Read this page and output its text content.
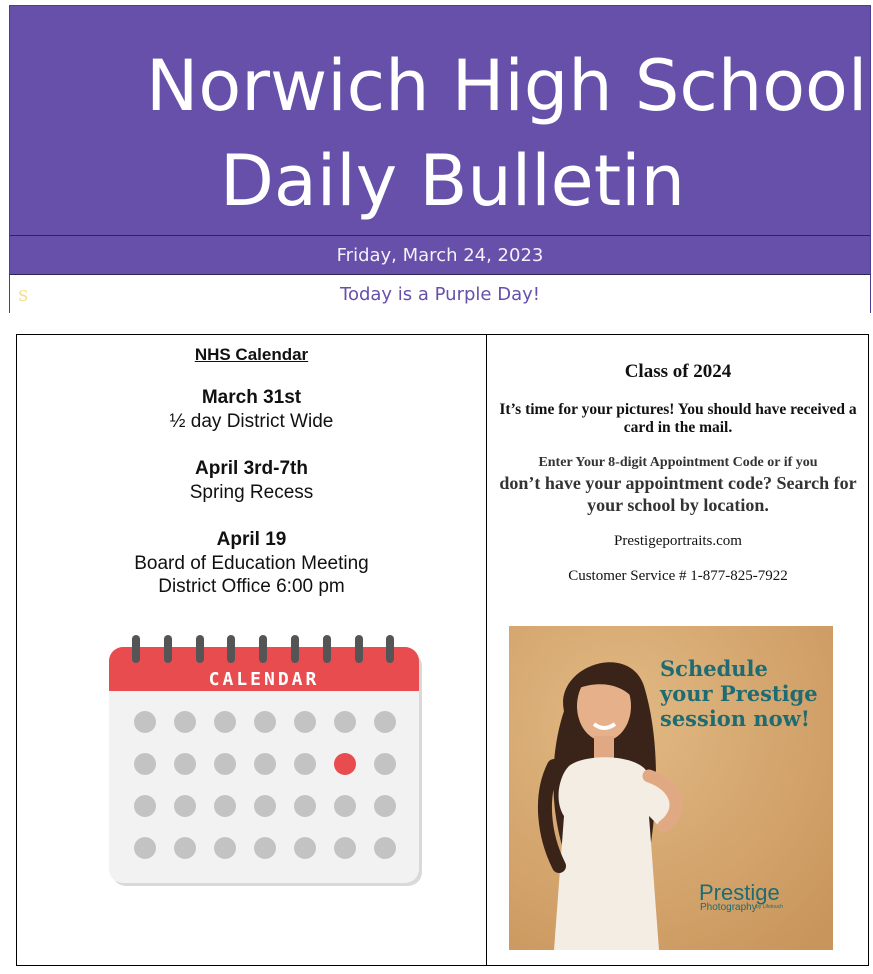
Norwich High School
Daily Bulletin
Friday, March 24, 2023
S	Today is a Purple Day!
NHS Calendar
March 31st
½ day District Wide
April 3rd-7th
Spring Recess
April 19
Board of Education Meeting
District Office 6:00 pm
CALENDAR
Class of 2024
It’s time for your pictures! You should have received a card in the mail.
Enter Your 8-digit Appointment Code or if you
don’t have your appointment code? Search for your school by location.
Prestigeportraits.com
Customer Service # 1-877-825-7922
Schedule
your Prestige
session now!
Prestige
Photography by Lifetouch
